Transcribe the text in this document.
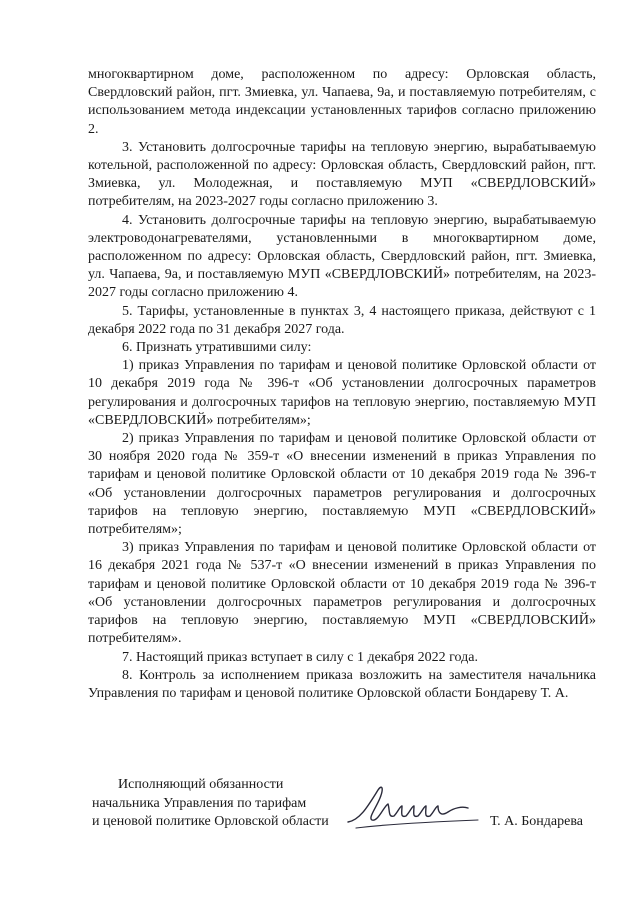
многоквартирном доме, расположенном по адресу: Орловская область, Свердловский район, пгт. Змиевка, ул. Чапаева, 9а, и поставляемую потребителям, с использованием метода индексации установленных тарифов согласно приложению 2.

3. Установить долгосрочные тарифы на тепловую энергию, вырабатываемую котельной, расположенной по адресу: Орловская область, Свердловский район, пгт. Змиевка, ул. Молодежная, и поставляемую МУП «СВЕРДЛОВСКИЙ» потребителям, на 2023-2027 годы согласно приложению 3.

4. Установить долгосрочные тарифы на тепловую энергию, вырабатываемую электроводонагревателями, установленными в многоквартирном доме, расположенном по адресу: Орловская область, Свердловский район, пгт. Змиевка, ул. Чапаева, 9а, и поставляемую МУП «СВЕРДЛОВСКИЙ» потребителям, на 2023-2027 годы согласно приложению 4.

5. Тарифы, установленные в пунктах 3, 4 настоящего приказа, действуют с 1 декабря 2022 года по 31 декабря 2027 года.

6. Признать утратившими силу:

1) приказ Управления по тарифам и ценовой политике Орловской области от 10 декабря 2019 года № 396-т «Об установлении долгосрочных параметров регулирования и долгосрочных тарифов на тепловую энергию, поставляемую МУП «СВЕРДЛОВСКИЙ» потребителям»;

2) приказ Управления по тарифам и ценовой политике Орловской области от 30 ноября 2020 года № 359-т «О внесении изменений в приказ Управления по тарифам и ценовой политике Орловской области от 10 декабря 2019 года № 396-т «Об установлении долгосрочных параметров регулирования и долгосрочных тарифов на тепловую энергию, поставляемую МУП «СВЕРДЛОВСКИЙ» потребителям»;

3) приказ Управления по тарифам и ценовой политике Орловской области от 16 декабря 2021 года № 537-т «О внесении изменений в приказ Управления по тарифам и ценовой политике Орловской области от 10 декабря 2019 года № 396-т «Об установлении долгосрочных параметров регулирования и долгосрочных тарифов на тепловую энергию, поставляемую МУП «СВЕРДЛОВСКИЙ» потребителям».

7. Настоящий приказ вступает в силу с 1 декабря 2022 года.

8. Контроль за исполнением приказа возложить на заместителя начальника Управления по тарифам и ценовой политике Орловской области Бондареву Т. А.

Исполняющий обязанности
начальника Управления по тарифам
и ценовой политике Орловской области	Т. А. Бондарева
